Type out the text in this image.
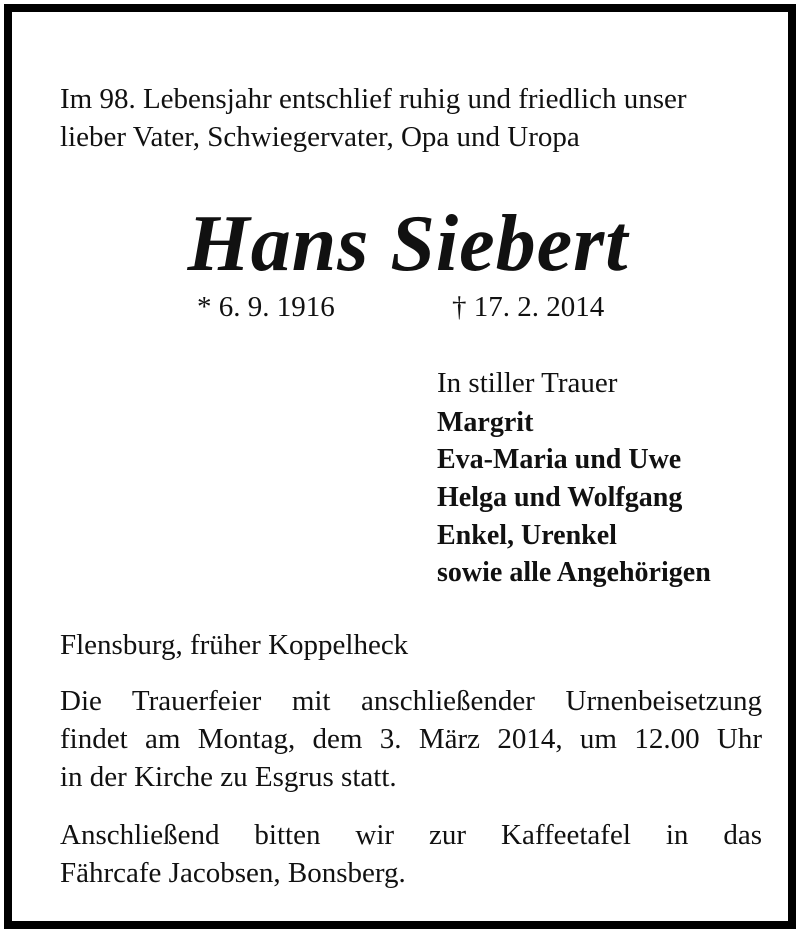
Im 98. Lebensjahr entschlief ruhig und friedlich unser
lieber Vater, Schwiegervater, Opa und Uropa
Hans Siebert
* 6. 9. 1916	† 17. 2. 2014
In stiller Trauer
Margrit
Eva-Maria und Uwe
Helga und Wolfgang
Enkel, Urenkel
sowie alle Angehörigen
Flensburg, früher Koppelheck
Die Trauerfeier mit anschließender Urnenbeisetzung
findet am Montag, dem 3. März 2014, um 12.00 Uhr
in der Kirche zu Esgrus statt.
Anschließend bitten wir zur Kaffeetafel in das
Fährcafe Jacobsen, Bonsberg.
